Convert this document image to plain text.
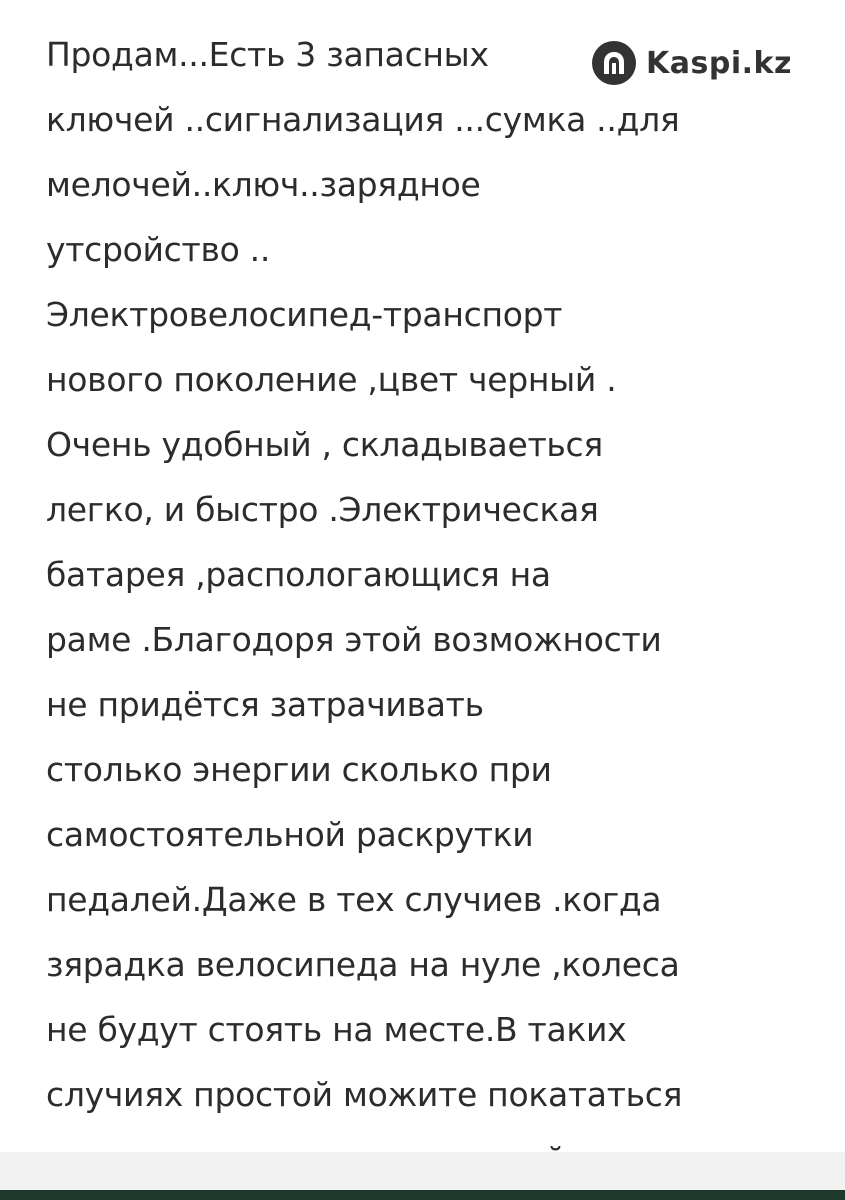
Продам...Есть 3 запасных
ключей ..сигнализация ...сумка ..для
мелочей..ключ..зарядное
утсройство ..
Электровелосипед-транспорт
нового поколение ,цвет черный .
Очень удобный , складываеться
легко, и быстро .Электрическая
батарея ,распологающися на
раме .Благодоря этой возможности
не придётся затрачивать
столько энергии сколько при
самостоятельной раскрутки
педалей.Даже в тех случиев .когда
зярадка велосипеда на нуле ,колеса
не будут стоять на месте.В таких
случиях простой можите покататься
Kaspi.kz
